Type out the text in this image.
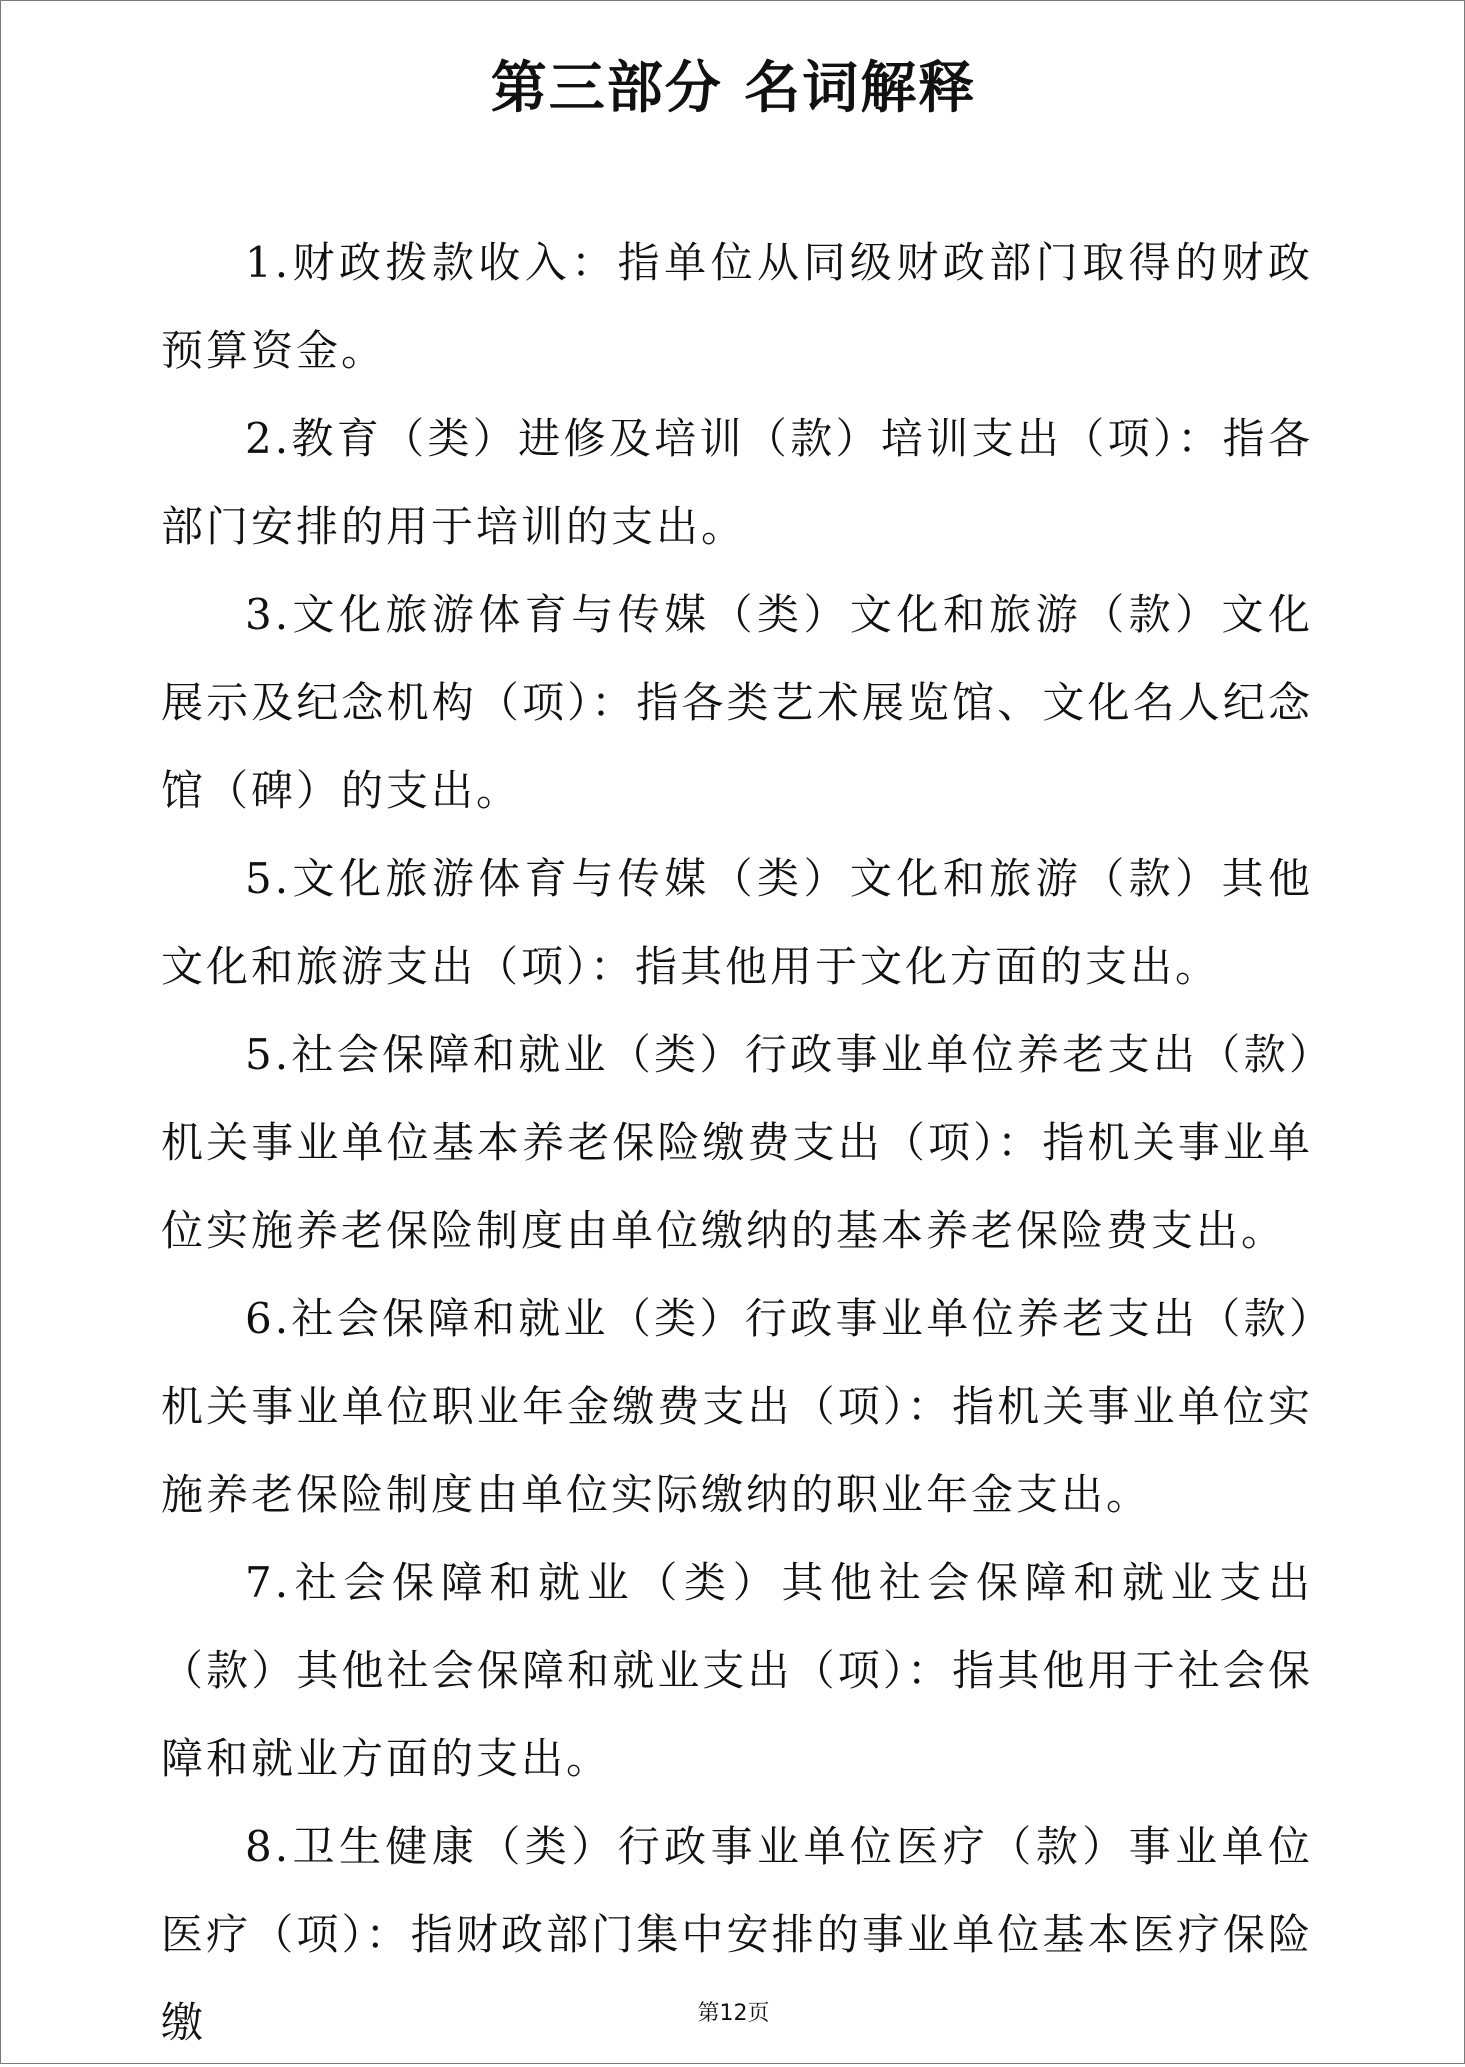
第三部分 名词解释

1.财政拨款收入：指单位从同级财政部门取得的财政预算资金。

2.教育（类）进修及培训（款）培训支出（项）：指各部门安排的用于培训的支出。

3.文化旅游体育与传媒（类）文化和旅游（款）文化展示及纪念机构（项）：指各类艺术展览馆、文化名人纪念馆（碑）的支出。

5.文化旅游体育与传媒（类）文化和旅游（款）其他文化和旅游支出（项）：指其他用于文化方面的支出。

5.社会保障和就业（类）行政事业单位养老支出（款）机关事业单位基本养老保险缴费支出（项）：指机关事业单位实施养老保险制度由单位缴纳的基本养老保险费支出。

6.社会保障和就业（类）行政事业单位养老支出（款）机关事业单位职业年金缴费支出（项）：指机关事业单位实施养老保险制度由单位实际缴纳的职业年金支出。

7.社会保障和就业（类）其他社会保障和就业支出（款）其他社会保障和就业支出（项）：指其他用于社会保障和就业方面的支出。

8.卫生健康（类）行政事业单位医疗（款）事业单位医疗（项）：指财政部门集中安排的事业单位基本医疗保险缴	第12页
